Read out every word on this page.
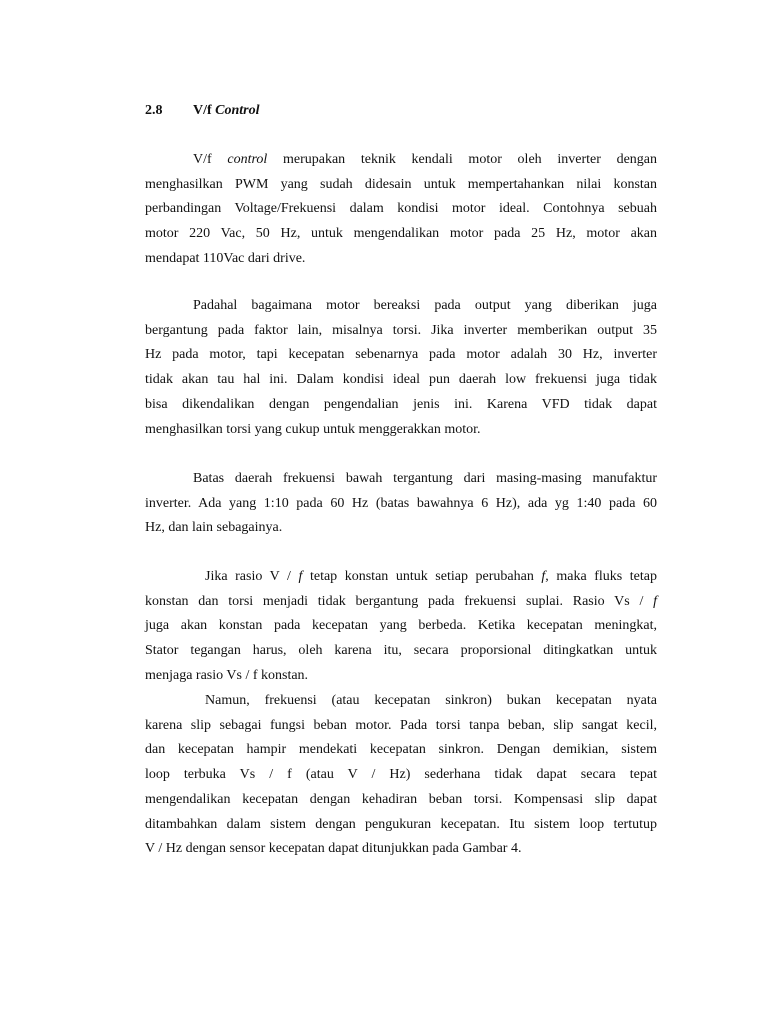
2.8 V/f Control

V/f control merupakan teknik kendali motor oleh inverter dengan
menghasilkan PWM yang sudah didesain untuk mempertahankan nilai konstan
perbandingan Voltage/Frekuensi dalam kondisi motor ideal. Contohnya sebuah
motor 220 Vac, 50 Hz, untuk mengendalikan motor pada 25 Hz, motor akan
mendapat 110Vac dari drive.

Padahal bagaimana motor bereaksi pada output yang diberikan juga
bergantung pada faktor lain, misalnya torsi. Jika inverter memberikan output 35
Hz pada motor, tapi kecepatan sebenarnya pada motor adalah 30 Hz, inverter
tidak akan tau hal ini. Dalam kondisi ideal pun daerah low frekuensi juga tidak
bisa dikendalikan dengan pengendalian jenis ini. Karena VFD tidak dapat
menghasilkan torsi yang cukup untuk menggerakkan motor.

Batas daerah frekuensi bawah tergantung dari masing-masing manufaktur
inverter. Ada yang 1:10 pada 60 Hz (batas bawahnya 6 Hz), ada yg 1:40 pada 60
Hz, dan lain sebagainya.

Jika rasio V / f tetap konstan untuk setiap perubahan f, maka fluks tetap
konstan dan torsi menjadi tidak bergantung pada frekuensi suplai. Rasio Vs / f
juga akan konstan pada kecepatan yang berbeda. Ketika kecepatan meningkat,
Stator tegangan harus, oleh karena itu, secara proporsional ditingkatkan untuk
menjaga rasio Vs / f konstan.

Namun, frekuensi (atau kecepatan sinkron) bukan kecepatan nyata
karena slip sebagai fungsi beban motor. Pada torsi tanpa beban, slip sangat kecil,
dan kecepatan hampir mendekati kecepatan sinkron. Dengan demikian, sistem
loop terbuka Vs / f (atau V / Hz) sederhana tidak dapat secara tepat
mengendalikan kecepatan dengan kehadiran beban torsi. Kompensasi slip dapat
ditambahkan dalam sistem dengan pengukuran kecepatan. Itu sistem loop tertutup
V / Hz dengan sensor kecepatan dapat ditunjukkan pada Gambar 4.
